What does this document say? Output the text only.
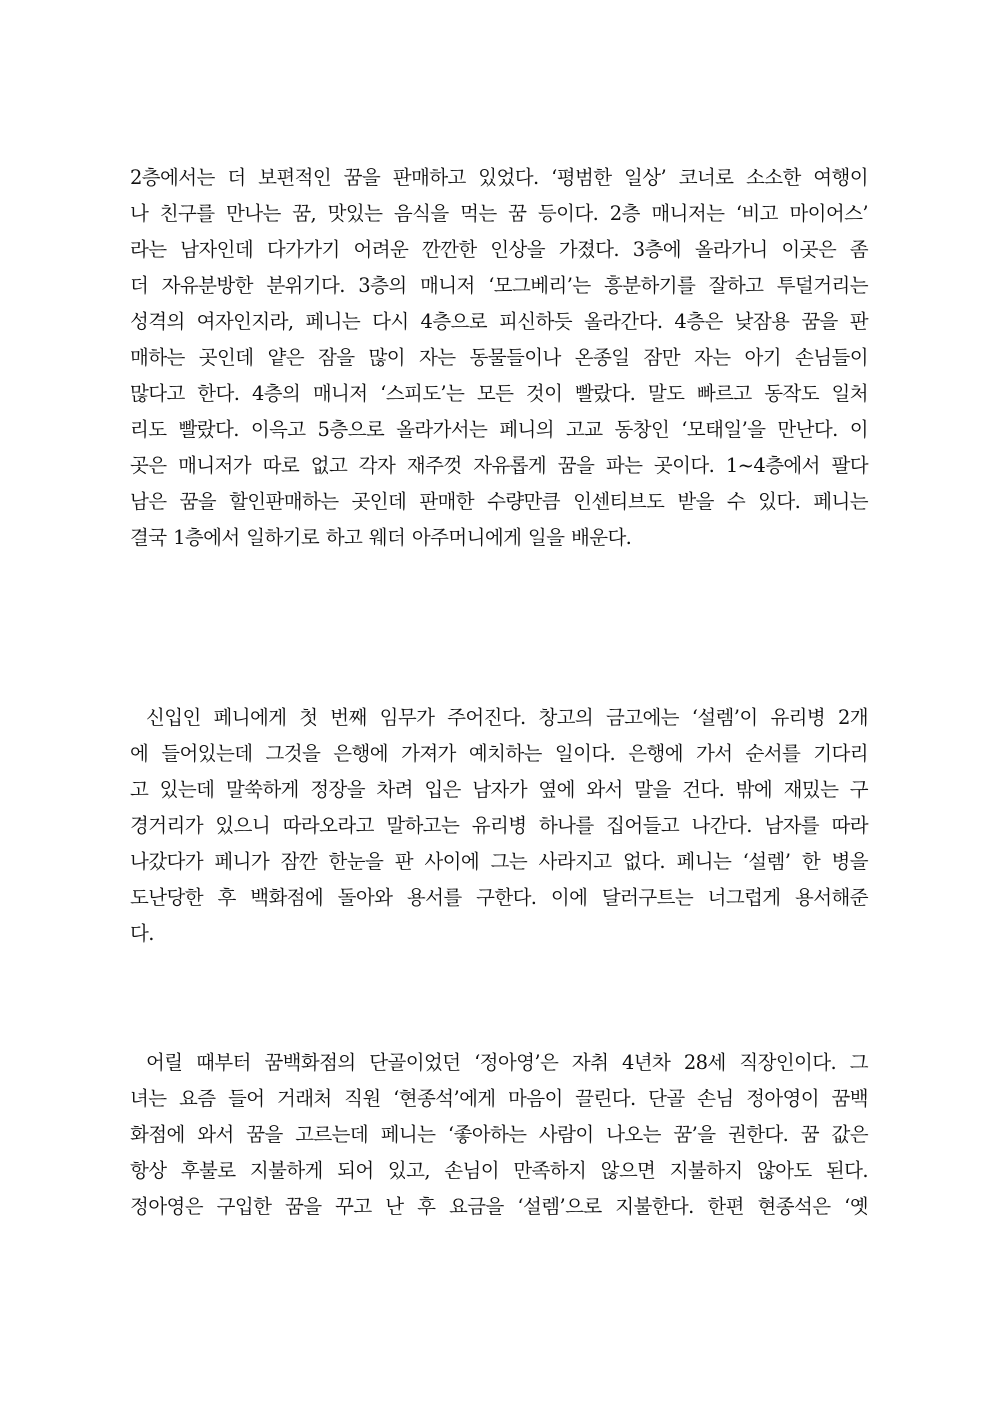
2층에서는 더 보편적인 꿈을 판매하고 있었다. ‘평범한 일상’ 코너로 소소한 여행이
나 친구를 만나는 꿈, 맛있는 음식을 먹는 꿈 등이다. 2층 매니저는 ‘비고 마이어스’
라는 남자인데 다가가기 어려운 깐깐한 인상을 가졌다. 3층에 올라가니 이곳은 좀
더 자유분방한 분위기다. 3층의 매니저 ‘모그베리’는 흥분하기를 잘하고 투덜거리는
성격의 여자인지라, 페니는 다시 4층으로 피신하듯 올라간다. 4층은 낮잠용 꿈을 판
매하는 곳인데 얕은 잠을 많이 자는 동물들이나 온종일 잠만 자는 아기 손님들이
많다고 한다. 4층의 매니저 ‘스피도’는 모든 것이 빨랐다. 말도 빠르고 동작도 일처
리도 빨랐다. 이윽고 5층으로 올라가서는 페니의 고교 동창인 ‘모태일’을 만난다. 이
곳은 매니저가 따로 없고 각자 재주껏 자유롭게 꿈을 파는 곳이다. 1~4층에서 팔다
남은 꿈을 할인판매하는 곳인데 판매한 수량만큼 인센티브도 받을 수 있다. 페니는
결국 1층에서 일하기로 하고 웨더 아주머니에게 일을 배운다.
신입인 페니에게 첫 번째 임무가 주어진다. 창고의 금고에는 ‘설렘’이 유리병 2개
에 들어있는데 그것을 은행에 가져가 예치하는 일이다. 은행에 가서 순서를 기다리
고 있는데 말쑥하게 정장을 차려 입은 남자가 옆에 와서 말을 건다. 밖에 재밌는 구
경거리가 있으니 따라오라고 말하고는 유리병 하나를 집어들고 나간다. 남자를 따라
나갔다가 페니가 잠깐 한눈을 판 사이에 그는 사라지고 없다. 페니는 ‘설렘’ 한 병을
도난당한 후 백화점에 돌아와 용서를 구한다. 이에 달러구트는 너그럽게 용서해준
다.
어릴 때부터 꿈백화점의 단골이었던 ‘정아영’은 자취 4년차 28세 직장인이다. 그
녀는 요즘 들어 거래처 직원 ‘현종석’에게 마음이 끌린다. 단골 손님 정아영이 꿈백
화점에 와서 꿈을 고르는데 페니는 ‘좋아하는 사람이 나오는 꿈’을 권한다. 꿈 값은
항상 후불로 지불하게 되어 있고, 손님이 만족하지 않으면 지불하지 않아도 된다.
정아영은 구입한 꿈을 꾸고 난 후 요금을 ‘설렘’으로 지불한다. 한편 현종석은 ‘옛
